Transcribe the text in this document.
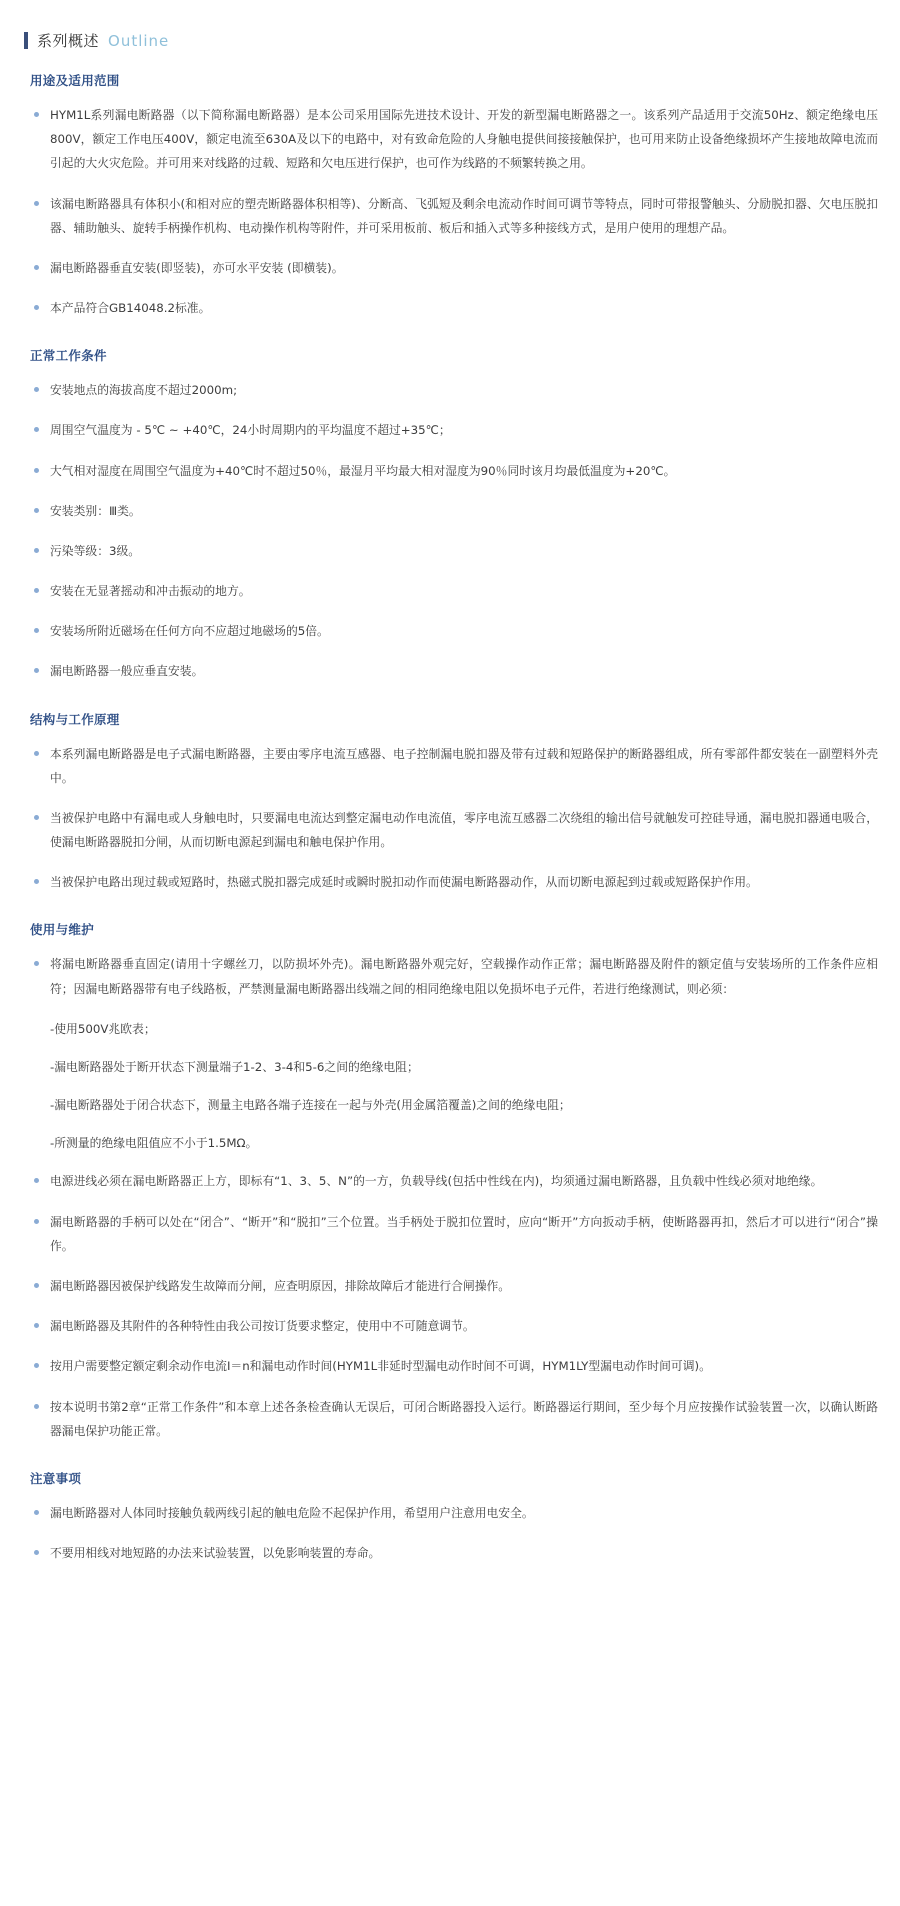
系列概述 Outline
用途及适用范围
HYM1L系列漏电断路器（以下简称漏电断路器）是本公司采用国际先进技术设计、开发的新型漏电断路器之一。该系列产品适用于交流50Hz、额定绝缘电压800V，额定工作电压400V，额定电流至630A及以下的电路中，对有致命危险的人身触电提供间接接触保护，也可用来防止设备绝缘损坏产生接地故障电流而引起的大火灾危险。并可用来对线路的过载、短路和欠电压进行保护，也可作为线路的不频繁转换之用。
该漏电断路器具有体积小(和相对应的塑壳断路器体积相等)、分断高、飞弧短及剩余电流动作时间可调节等特点，同时可带报警触头、分励脱扣器、欠电压脱扣器、辅助触头、旋转手柄操作机构、电动操作机构等附件，并可采用板前、板后和插入式等多种接线方式，是用户使用的理想产品。
漏电断路器垂直安装(即竖装)，亦可水平安装 (即横装)。
本产品符合GB14048.2标准。
正常工作条件
安装地点的海拔高度不超过2000m;
周围空气温度为 - 5℃ ~ +40℃，24小时周期内的平均温度不超过+35℃；
大气相对湿度在周围空气温度为+40℃时不超过50％，最湿月平均最大相对湿度为90％同时该月均最低温度为+20℃。
安装类别：Ⅲ类。
污染等级：3级。
安装在无显著摇动和冲击振动的地方。
安装场所附近磁场在任何方向不应超过地磁场的5倍。
漏电断路器一般应垂直安装。
结构与工作原理
本系列漏电断路器是电子式漏电断路器，主要由零序电流互感器、电子控制漏电脱扣器及带有过载和短路保护的断路器组成，所有零部件都安装在一副塑料外壳中。
当被保护电路中有漏电或人身触电时，只要漏电电流达到整定漏电动作电流值，零序电流互感器二次绕组的输出信号就触发可控硅导通，漏电脱扣器通电吸合，使漏电断路器脱扣分闸，从而切断电源起到漏电和触电保护作用。
当被保护电路出现过载或短路时，热磁式脱扣器完成延时或瞬时脱扣动作而使漏电断路器动作，从而切断电源起到过载或短路保护作用。
使用与维护
将漏电断路器垂直固定(请用十字螺丝刀，以防损坏外壳)。漏电断路器外观完好，空载操作动作正常；漏电断路器及附件的额定值与安装场所的工作条件应相符；因漏电断路器带有电子线路板，严禁测量漏电断路器出线端之间的相同绝缘电阻以免损坏电子元件，若进行绝缘测试，则必须：
-使用500V兆欧表；
-漏电断路器处于断开状态下测量端子1-2、3-4和5-6之间的绝缘电阻；
-漏电断路器处于闭合状态下，测量主电路各端子连接在一起与外壳(用金属箔覆盖)之间的绝缘电阻；
-所测量的绝缘电阻值应不小于1.5MΩ。
电源进线必须在漏电断路器正上方，即标有“1、3、5、N”的一方，负载导线(包括中性线在内)，均须通过漏电断路器，且负载中性线必须对地绝缘。
漏电断路器的手柄可以处在“闭合”、“断开”和“脱扣”三个位置。当手柄处于脱扣位置时，应向“断开”方向扳动手柄，使断路器再扣，然后才可以进行“闭合”操作。
漏电断路器因被保护线路发生故障而分闸，应查明原因，排除故障后才能进行合闸操作。
漏电断路器及其附件的各种特性由我公司按订货要求整定，使用中不可随意调节。
按用户需要整定额定剩余动作电流I＝n和漏电动作时间(HYM1L非延时型漏电动作时间不可调，HYM1LY型漏电动作时间可调)。
按本说明书第2章“正常工作条件”和本章上述各条检查确认无误后，可闭合断路器投入运行。断路器运行期间，至少每个月应按操作试验装置一次，以确认断路器漏电保护功能正常。
注意事项
漏电断路器对人体同时接触负载两线引起的触电危险不起保护作用，希望用户注意用电安全。
不要用相线对地短路的办法来试验装置，以免影响装置的寿命。
